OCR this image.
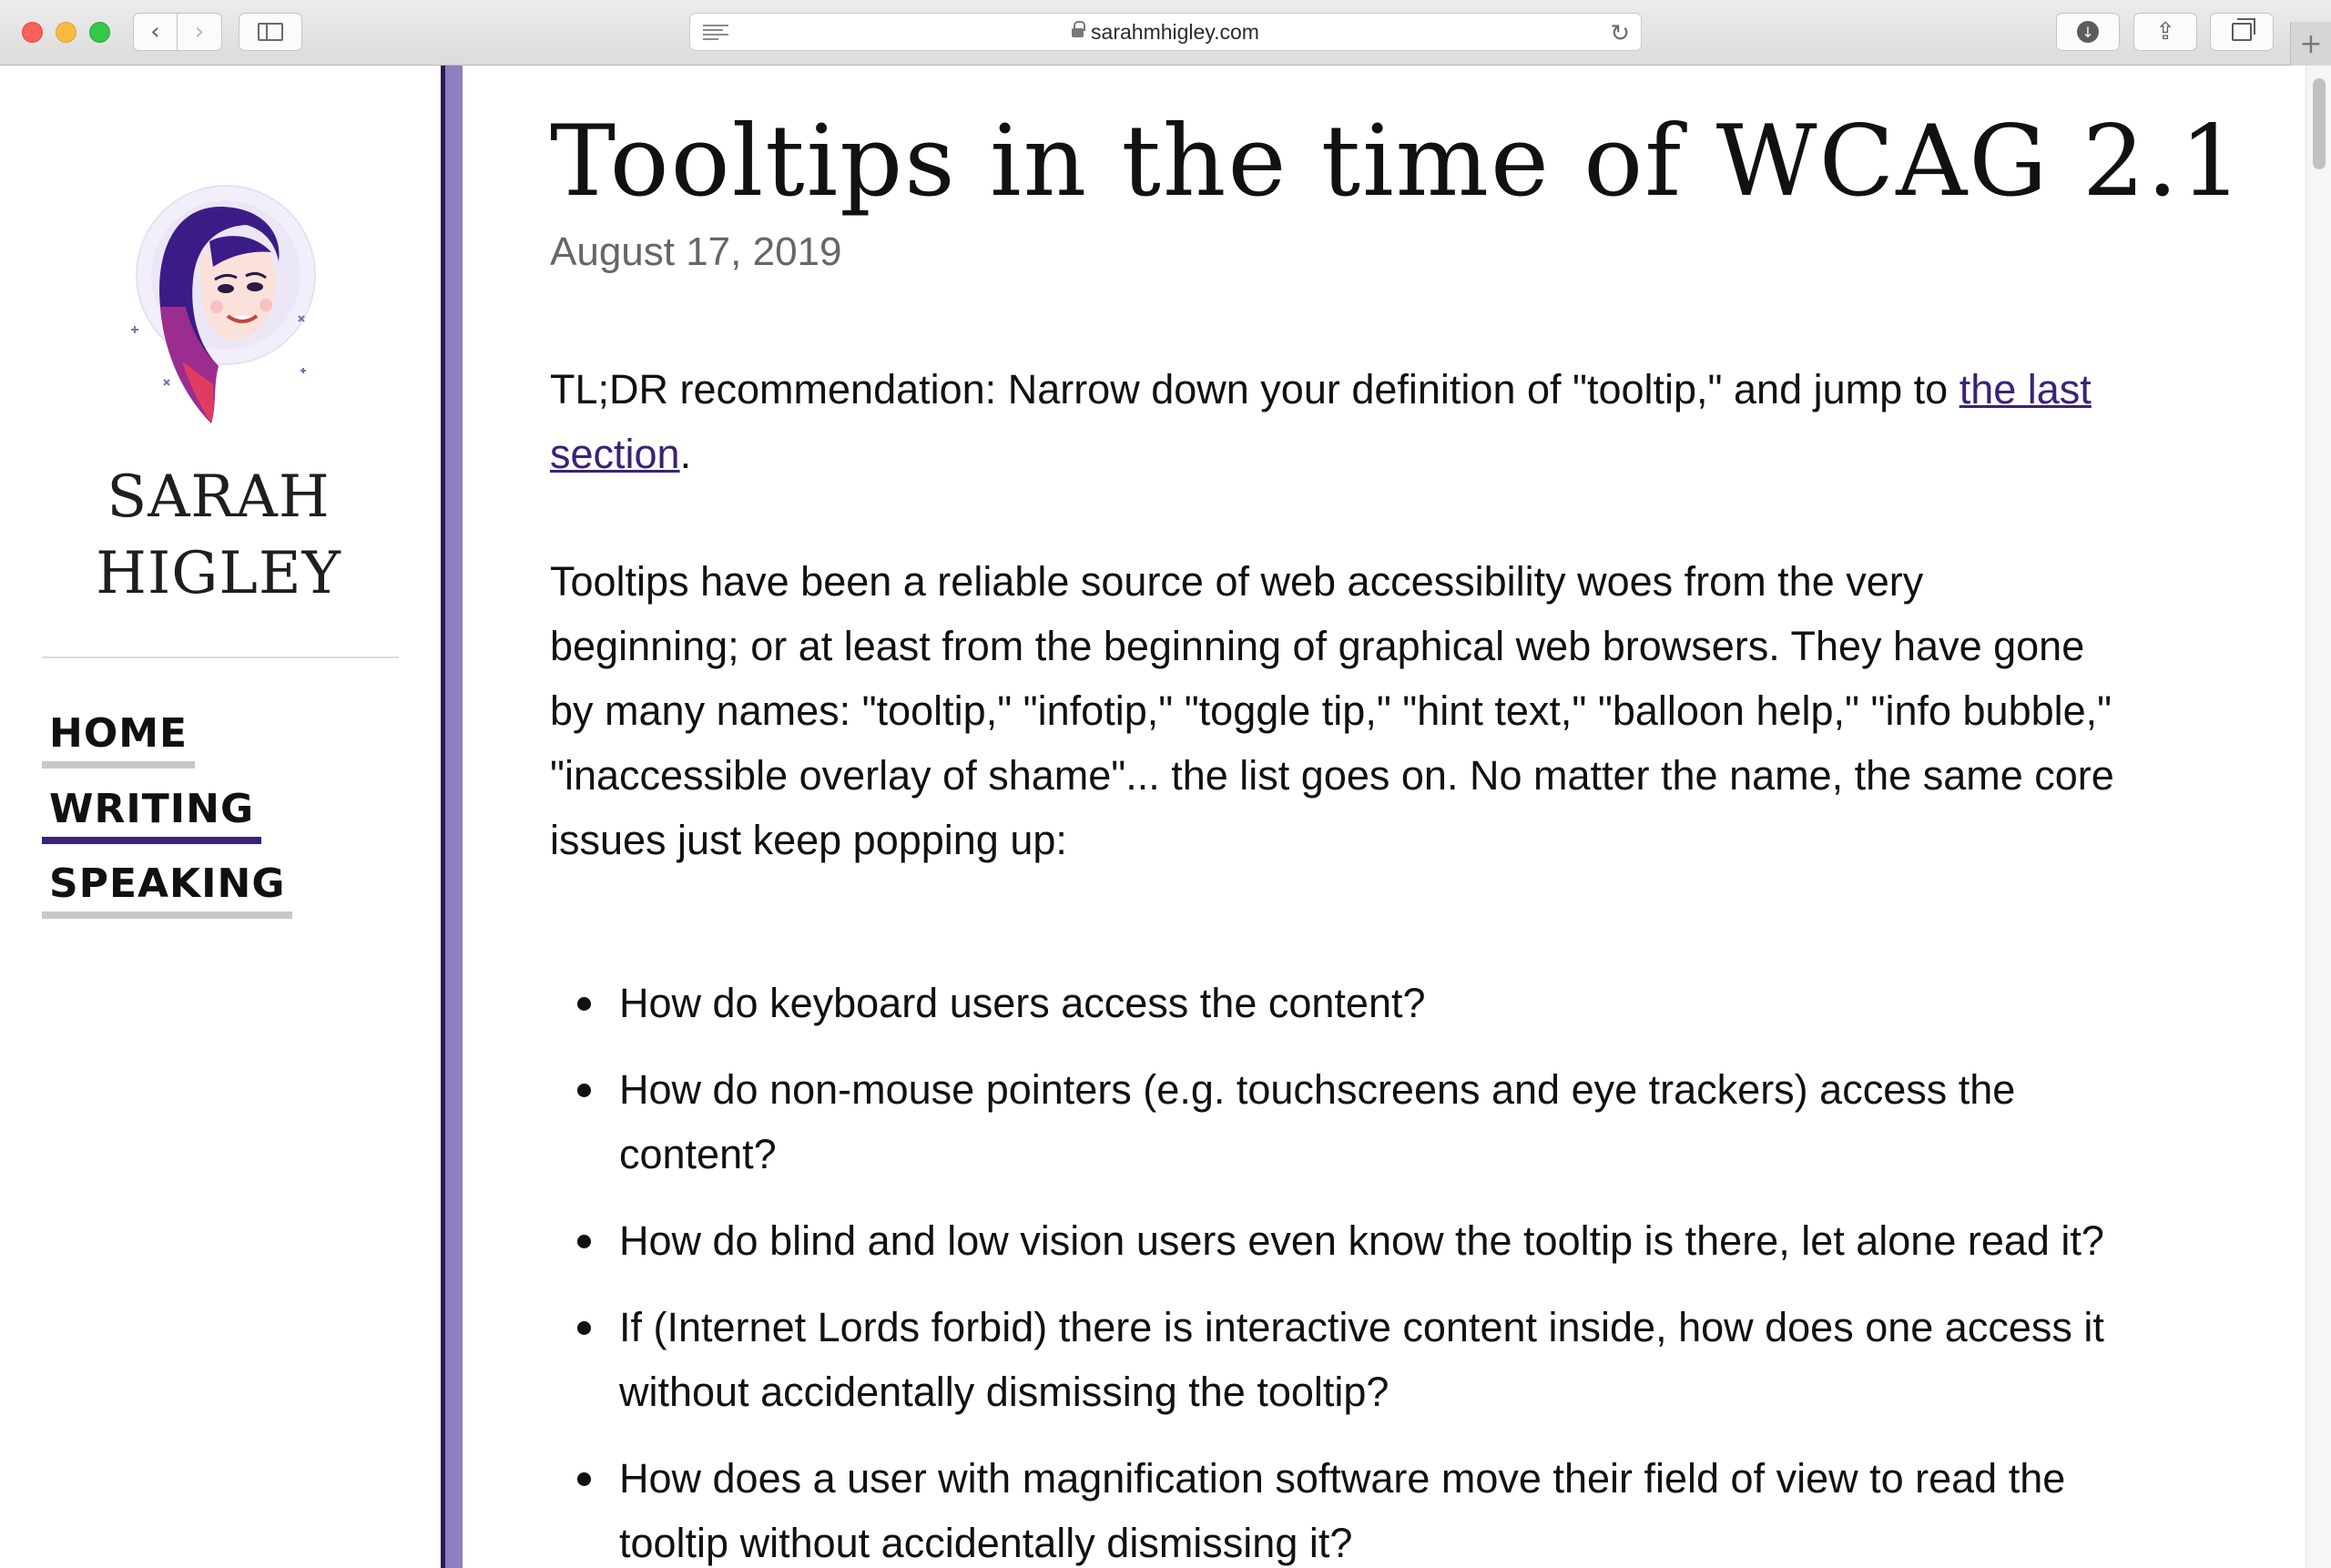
‹ ›	sarahmhigley.com	↻	↓	⇪	+
SARAH
HIGLEY
HOME
WRITING
SPEAKING
Tooltips in the time of WCAG 2.1
August 17, 2019

TL;DR recommendation: Narrow down your definition of "tooltip," and jump to the last section.

Tooltips have been a reliable source of web accessibility woes from the very beginning; or at least from the beginning of graphical web browsers. They have gone by many names: "tooltip," "infotip," "toggle tip," "hint text," "balloon help," "info bubble," "inaccessible overlay of shame"... the list goes on. No matter the name, the same core issues just keep popping up:

How do keyboard users access the content?
How do non-mouse pointers (e.g. touchscreens and eye trackers) access the content?
How do blind and low vision users even know the tooltip is there, let alone read it?
If (Internet Lords forbid) there is interactive content inside, how does one access it without accidentally dismissing the tooltip?
How does a user with magnification software move their field of view to read the tooltip without accidentally dismissing it?
